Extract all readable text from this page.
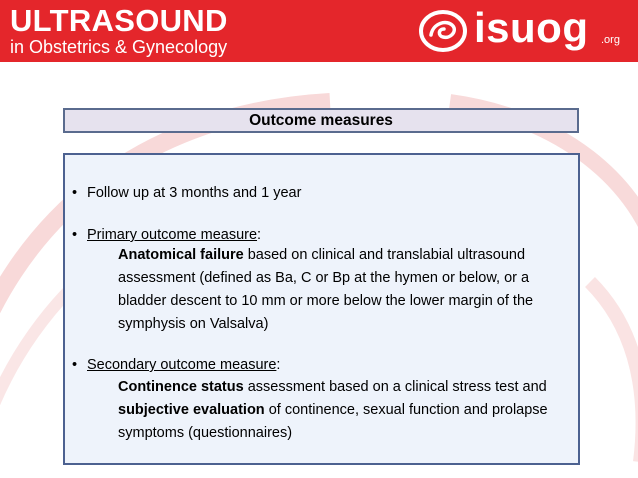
ULTRASOUND
in Obstetrics & Gynecology	isuog .org
Outcome measures
• Follow up at 3 months and 1 year
• Primary outcome measure:
Anatomical failure based on clinical and translabial ultrasound assessment (defined as Ba, C or Bp at the hymen or below, or a bladder descent to 10 mm or more below the lower margin of the symphysis on Valsalva)
• Secondary outcome measure:
Continence status assessment based on a clinical stress test and subjective evaluation of continence, sexual function and prolapse symptoms (questionnaires)
